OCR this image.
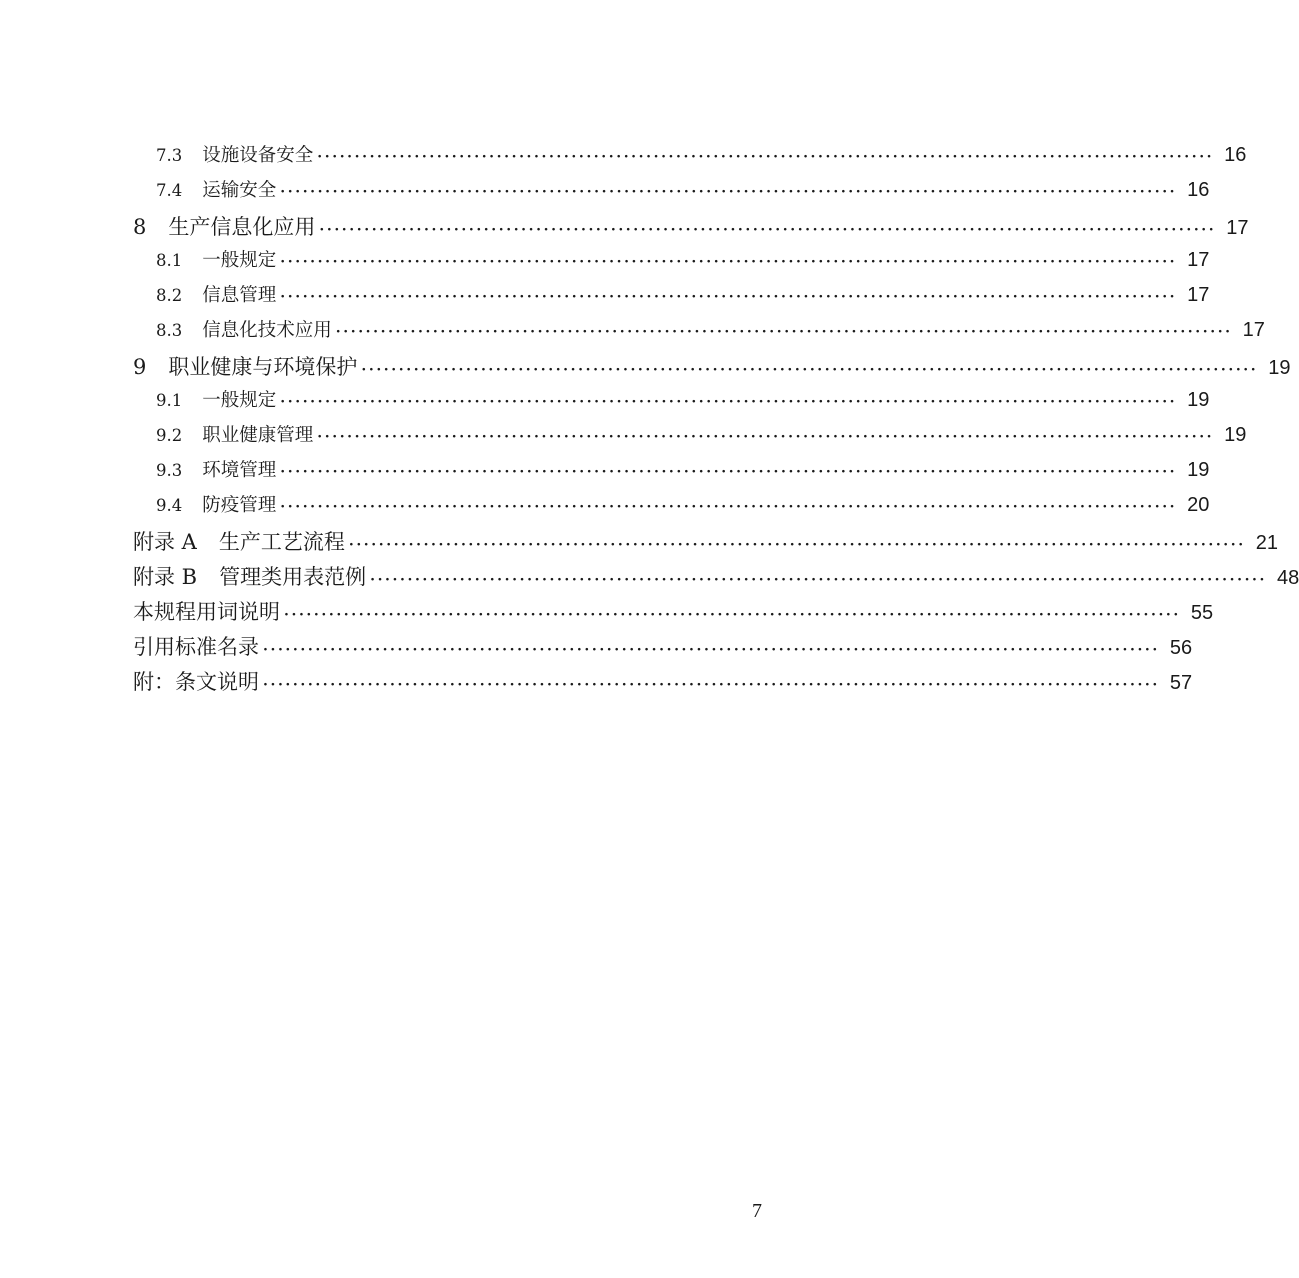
7.3 设施设备安全 ························································································································ 16
7.4 运输安全 ························································································································ 16
8 生产信息化应用 ························································································································ 17
8.1 一般规定 ························································································································ 17
8.2 信息管理 ························································································································ 17
8.3 信息化技术应用 ························································································································ 17
9 职业健康与环境保护 ························································································································ 19
9.1 一般规定 ························································································································ 19
9.2 职业健康管理 ························································································································ 19
9.3 环境管理 ························································································································ 19
9.4 防疫管理 ························································································································ 20
附录 A 生产工艺流程 ························································································································ 21
附录 B 管理类用表范例 ························································································································ 48
本规程用词说明 ························································································································ 55
引用标准名录 ························································································································ 56
附：条文说明 ························································································································ 57
7
